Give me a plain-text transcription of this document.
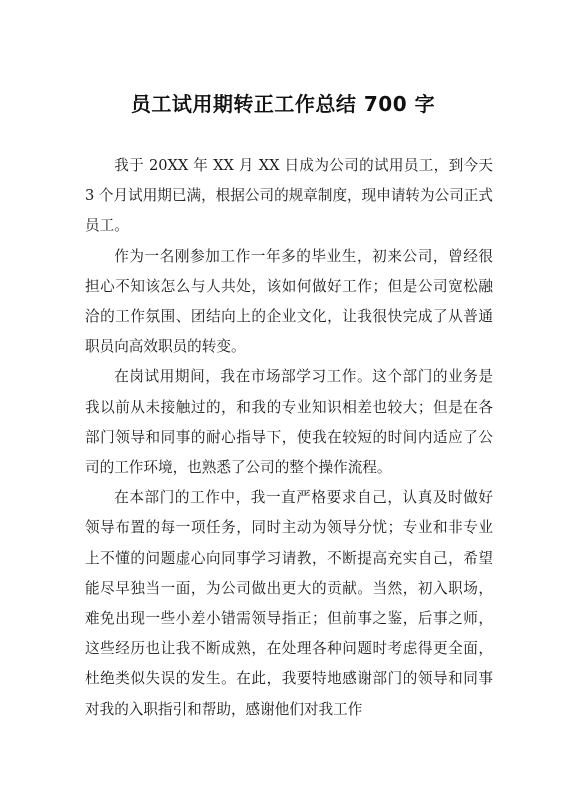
员工试用期转正工作总结 700 字

我于 20XX 年 XX 月 XX 日成为公司的试用员工，到今天 3 个月试用期已满，根据公司的规章制度，现申请转为公司正式员工。

作为一名刚参加工作一年多的毕业生，初来公司，曾经很担心不知该怎么与人共处，该如何做好工作；但是公司宽松融洽的工作氛围、团结向上的企业文化，让我很快完成了从普通职员向高效职员的转变。

在岗试用期间，我在市场部学习工作。这个部门的业务是我以前从未接触过的，和我的专业知识相差也较大；但是在各部门领导和同事的耐心指导下，使我在较短的时间内适应了公司的工作环境，也熟悉了公司的整个操作流程。

在本部门的工作中，我一直严格要求自己，认真及时做好领导布置的每一项任务，同时主动为领导分忧；专业和非专业上不懂的问题虚心向同事学习请教，不断提高充实自己，希望能尽早独当一面，为公司做出更大的贡献。当然，初入职场，难免出现一些小差小错需领导指正；但前事之鉴，后事之师，这些经历也让我不断成熟，在处理各种问题时考虑得更全面，杜绝类似失误的发生。在此，我要特地感谢部门的领导和同事对我的入职指引和帮助，感谢他们对我工作
